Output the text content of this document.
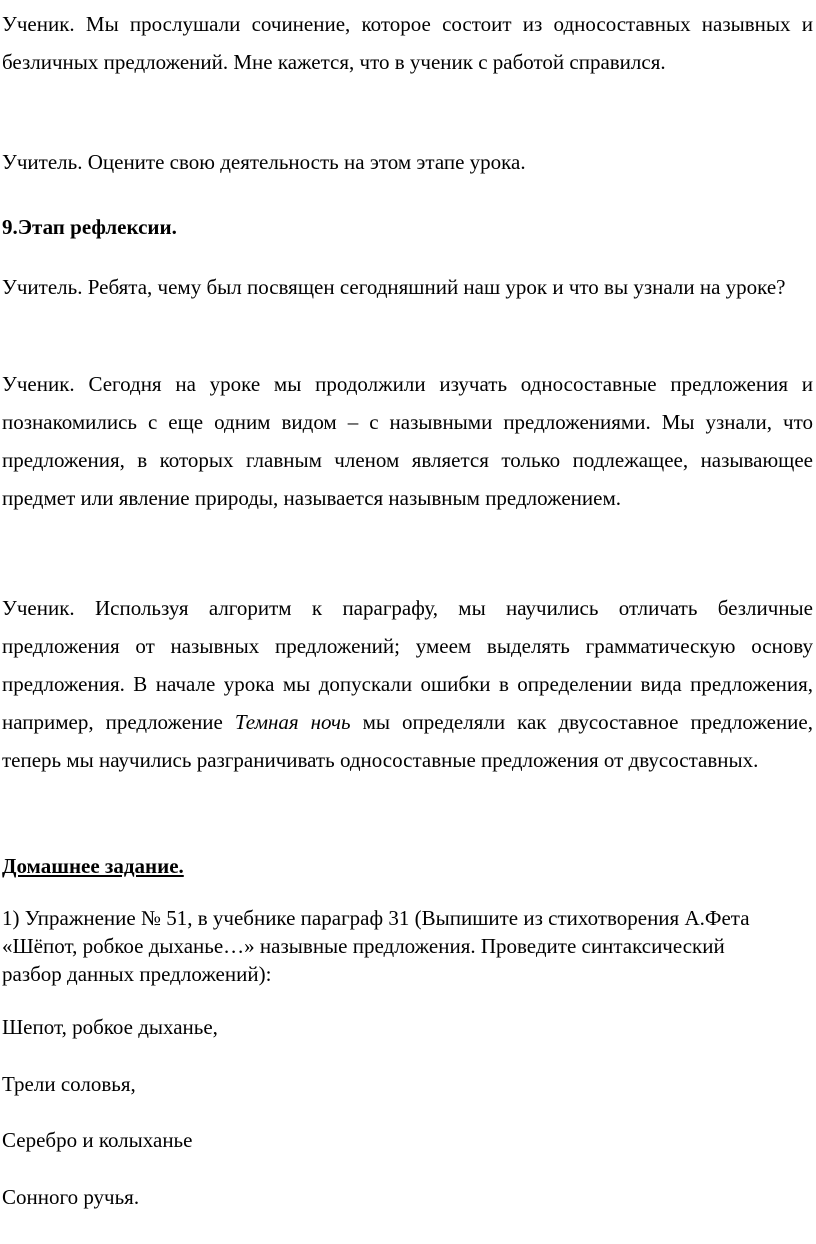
Ученик. Мы прослушали сочинение, которое состоит из односоставных назывных и безличных предложений. Мне кажется, что в ученик с работой справился.

Учитель. Оцените свою деятельность на этом этапе урока.

9.Этап рефлексии.

Учитель. Ребята, чему был посвящен сегодняшний наш урок и что вы узнали на уроке?

Ученик. Сегодня на уроке мы продолжили изучать односоставные предложения и познакомились с еще одним видом – с назывными предложениями. Мы узнали, что предложения, в которых главным членом является только подлежащее, называющее предмет или явление природы, называется назывным предложением.

Ученик. Используя алгоритм к параграфу, мы научились отличать безличные предложения от назывных предложений; умеем выделять грамматическую основу предложения. В начале урока мы допускали ошибки в определении вида предложения, например, предложение Темная ночь мы определяли как двусоставное предложение, теперь мы научились разграничивать односоставные предложения от двусоставных.

Домашнее задание.

1) Упражнение № 51, в учебнике параграф 31 (Выпишите из стихотворения А.Фета «Шёпот, робкое дыханье…» назывные предложения. Проведите синтаксический разбор данных предложений):

Шепот, робкое дыханье,

Трели соловья,

Серебро и колыханье

Сонного ручья.
